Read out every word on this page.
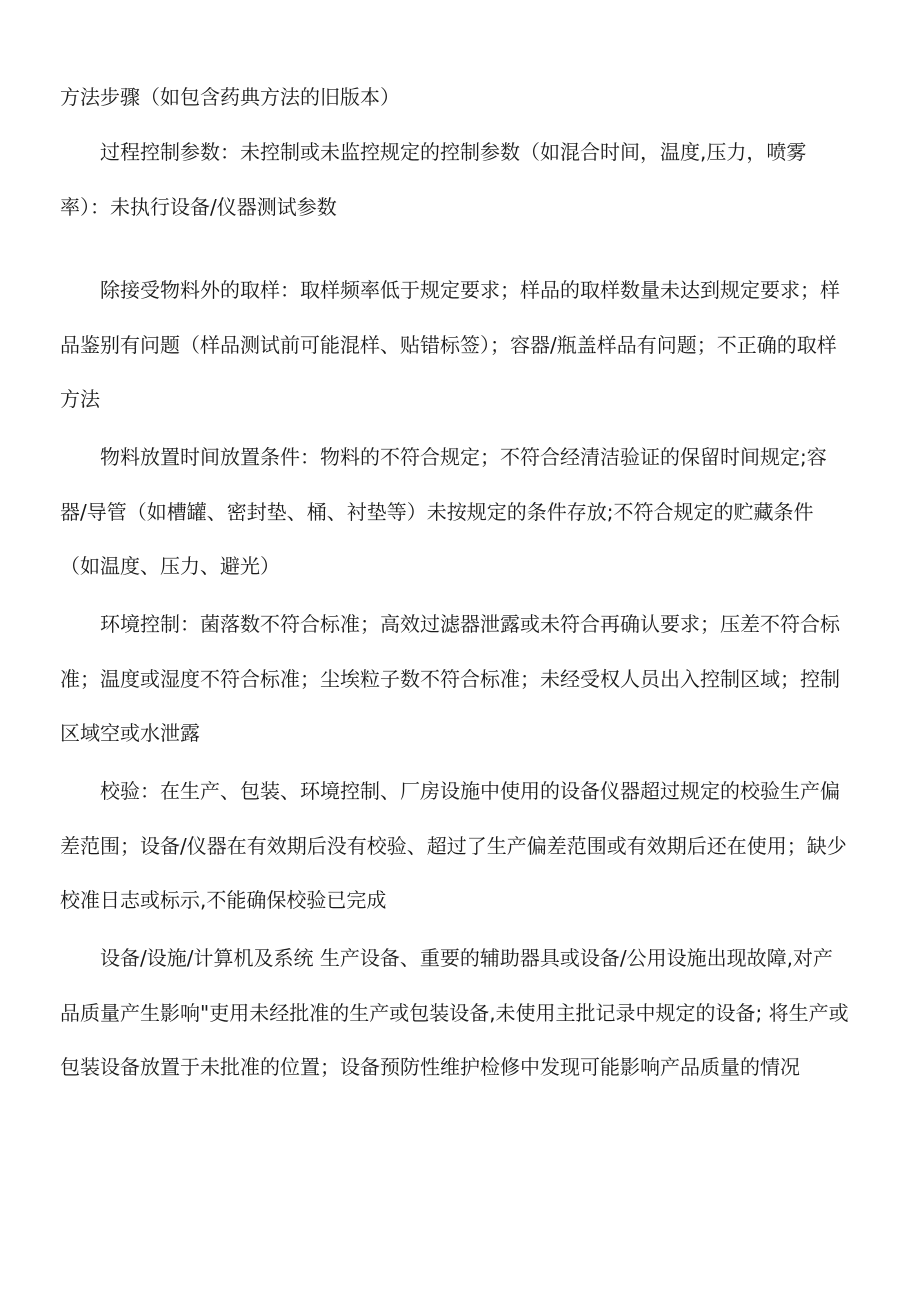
方法步骤（如包含药典方法的旧版本）

过程控制参数：未控制或未监控规定的控制参数（如混合时间，温度,压力，喷雾率）：未执行设备/仪器测试参数

除接受物料外的取样：取样频率低于规定要求；样品的取样数量未达到规定要求；样品鉴别有问题（样品测试前可能混样、贴错标签）；容器/瓶盖样品有问题；不正确的取样方法

物料放置时间放置条件：物料的不符合规定；不符合经清洁验证的保留时间规定;容器/导管（如槽罐、密封垫、桶、衬垫等）未按规定的条件存放;不符合规定的贮藏条件（如温度、压力、避光）

环境控制：菌落数不符合标准；高效过滤器泄露或未符合再确认要求；压差不符合标准；温度或湿度不符合标准；尘埃粒子数不符合标准；未经受权人员出入控制区域；控制区域空或水泄露

校验：在生产、包装、环境控制、厂房设施中使用的设备仪器超过规定的校验生产偏差范围；设备/仪器在有效期后没有校验、超过了生产偏差范围或有效期后还在使用；缺少校准日志或标示,不能确保校验已完成

设备/设施/计算机及系统 生产设备、重要的辅助器具或设备/公用设施出现故障,对产品质量产生影响"吏用未经批准的生产或包装设备,未使用主批记录中规定的设备; 将生产或包装设备放置于未批准的位置；设备预防性维护检修中发现可能影响产品质量的情况
